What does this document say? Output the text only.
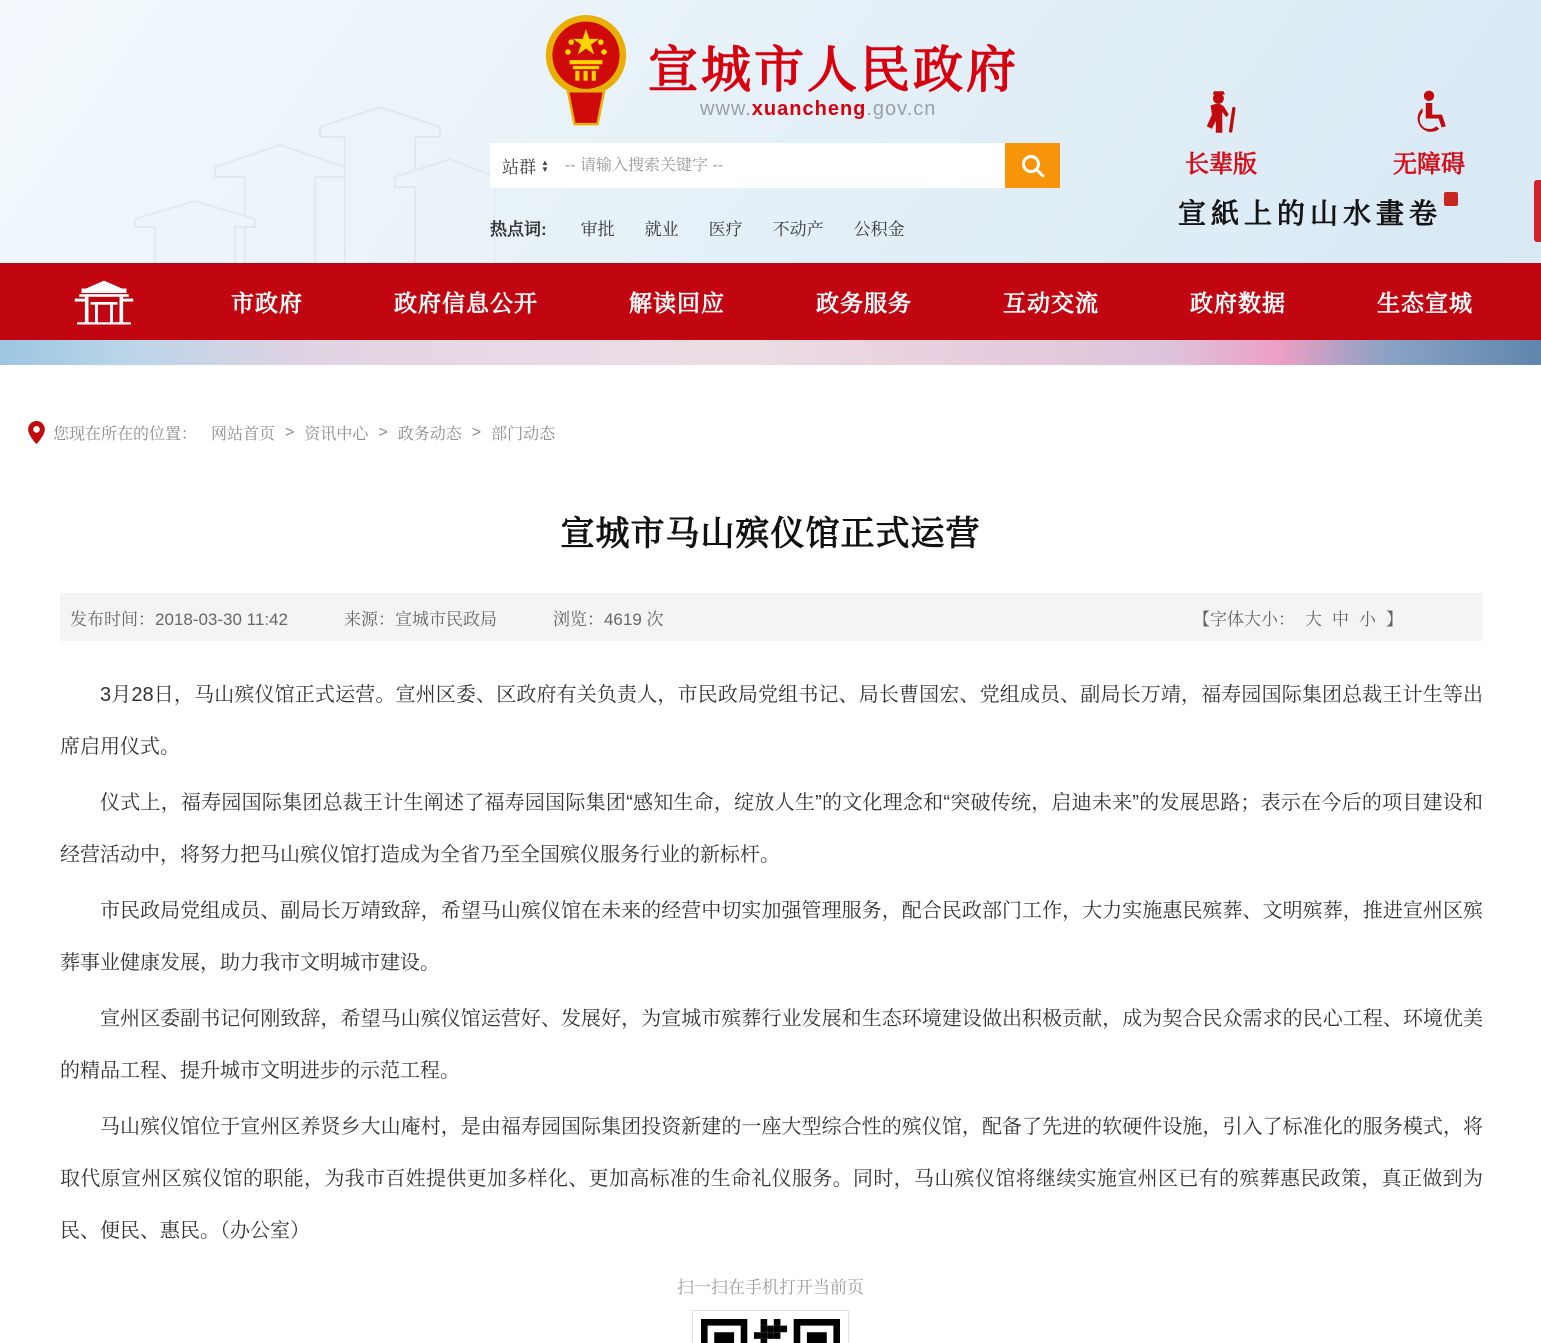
宣城市人民政府
www.xuancheng.gov.cn
站群 ▲
▼
-- 请输入搜索关键字 --
热点词: 审批 就业 医疗 不动产 公积金
长辈版	无障碍
宣紙上的山水畫卷
市政府	政府信息公开	解读回应	政务服务	互动交流	政府数据	生态宣城
您现在所在的位置： 网站首页 > 资讯中心 > 政务动态 > 部门动态
宣城市马山殡仪馆正式运营
发布时间：2018-03-30 11:42	来源：宣城市民政局	浏览：4619 次	【字体大小： 大 中 小 】

3月28日，马山殡仪馆正式运营。宣州区委、区政府有关负责人，市民政局党组书记、局长曹国宏、党组成员、副局长万靖，福寿园国际集团总裁王计生等出席启用仪式。

仪式上，福寿园国际集团总裁王计生阐述了福寿园国际集团“感知生命，绽放人生”的文化理念和“突破传统，启迪未来”的发展思路；表示在今后的项目建设和经营活动中，将努力把马山殡仪馆打造成为全省乃至全国殡仪服务行业的新标杆。

市民政局党组成员、副局长万靖致辞，希望马山殡仪馆在未来的经营中切实加强管理服务，配合民政部门工作，大力实施惠民殡葬、文明殡葬，推进宣州区殡葬事业健康发展，助力我市文明城市建设。

宣州区委副书记何刚致辞，希望马山殡仪馆运营好、发展好，为宣城市殡葬行业发展和生态环境建设做出积极贡献，成为契合民众需求的民心工程、环境优美的精品工程、提升城市文明进步的示范工程。

马山殡仪馆位于宣州区养贤乡大山庵村，是由福寿园国际集团投资新建的一座大型综合性的殡仪馆，配备了先进的软硬件设施，引入了标准化的服务模式，将取代原宣州区殡仪馆的职能，为我市百姓提供更加多样化、更加高标准的生命礼仪服务。同时，马山殡仪馆将继续实施宣州区已有的殡葬惠民政策，真正做到为民、便民、惠民。（办公室）

扫一扫在手机打开当前页
